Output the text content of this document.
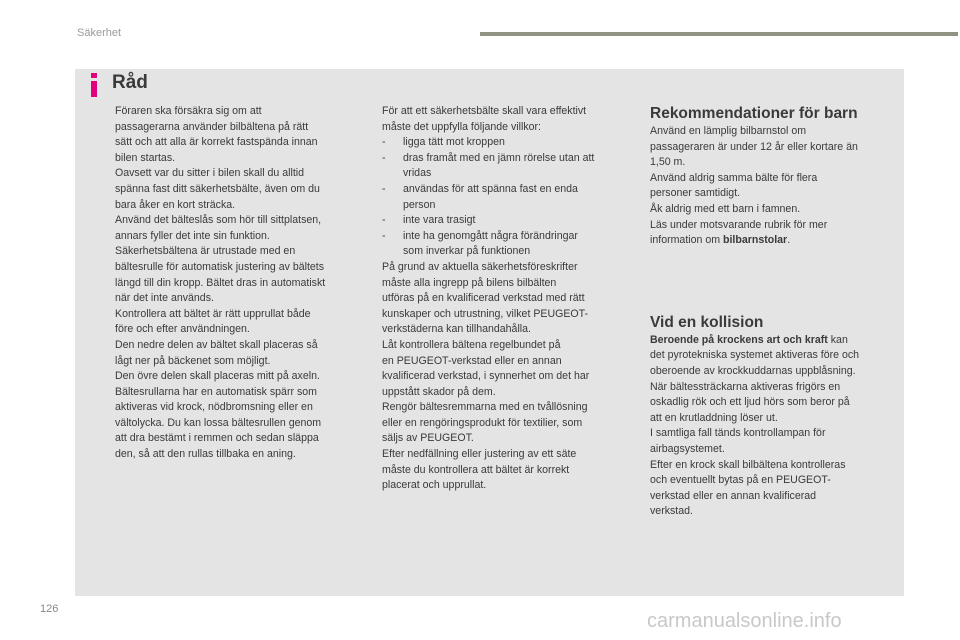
Säkerhet
Råd

Föraren ska försäkra sig om att

passagerarna använder bilbältena på rätt

sätt och att alla är korrekt fastspända innan

bilen startas.

Oavsett var du sitter i bilen skall du alltid

spänna fast ditt säkerhetsbälte, även om du

bara åker en kort sträcka.

Använd det bälteslås som hör till sittplatsen,

annars fyller det inte sin funktion.

Säkerhetsbältena är utrustade med en

bältesrulle för automatisk justering av bältets

längd till din kropp. Bältet dras in automatiskt

när det inte används.

Kontrollera att bältet är rätt upprullat både

före och efter användningen.

Den nedre delen av bältet skall placeras så

lågt ner på bäckenet som möjligt.

Den övre delen skall placeras mitt på axeln.

Bältesrullarna har en automatisk spärr som

aktiveras vid krock, nödbromsning eller en

vältolycka. Du kan lossa bältesrullen genom

att dra bestämt i remmen och sedan släppa

den, så att den rullas tillbaka en aning.

För att ett säkerhetsbälte skall vara effektivt

måste det uppfylla följande villkor:

- ligga tätt mot kroppen

- dras framåt med en jämn rörelse utan att

vridas

- användas för att spänna fast en enda

person

- inte vara trasigt

- inte ha genomgått några förändringar

som inverkar på funktionen

På grund av aktuella säkerhetsföreskrifter

måste alla ingrepp på bilens bilbälten

utföras på en kvalificerad verkstad med rätt

kunskaper och utrustning, vilket PEUGEOT-

verkstäderna kan tillhandahålla.

Låt kontrollera bältena regelbundet på

en PEUGEOT-verkstad eller en annan

kvalificerad verkstad, i synnerhet om det har

uppstått skador på dem.

Rengör bältesremmarna med en tvållösning

eller en rengöringsprodukt för textilier, som

säljs av PEUGEOT.

Efter nedfällning eller justering av ett säte

måste du kontrollera att bältet är korrekt

placerat och upprullat.

Rekommendationer för barn

Använd en lämplig bilbarnstol om

passageraren är under 12 år eller kortare än

1,50 m.

Använd aldrig samma bälte för flera

personer samtidigt.

Åk aldrig med ett barn i famnen.

Läs under motsvarande rubrik för mer

information om bilbarnstolar.

Vid en kollision

Beroende på krockens art och kraft kan

det pyrotekniska systemet aktiveras före och

oberoende av krockkuddarnas uppblåsning.

När bältessträckarna aktiveras frigörs en

oskadlig rök och ett ljud hörs som beror på

att en krutladdning löser ut.

I samtliga fall tänds kontrollampan för

airbagsystemet.

Efter en krock skall bilbältena kontrolleras

och eventuellt bytas på en PEUGEOT-

verkstad eller en annan kvalificerad

verkstad.

126
carmanualsonline.info
